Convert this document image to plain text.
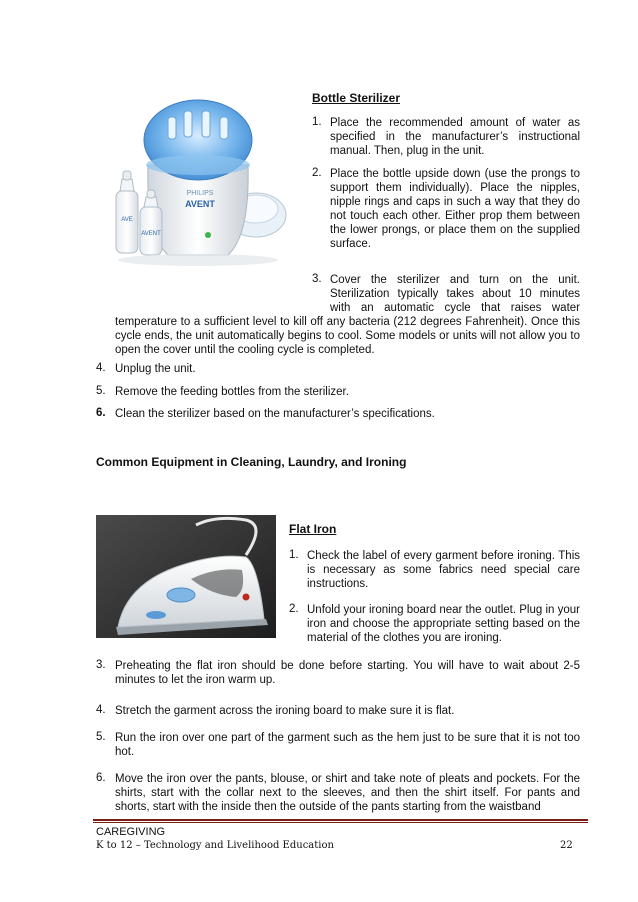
PHILIPS
AVENT
AVE
AVENT
Bottle Sterilizer
1. Place the recommended amount of water as specified in the manufacturer’s instructional manual. Then, plug in the unit.
2. Place the bottle upside down (use the prongs to support them individually). Place the nipples, nipple rings and caps in such a way that they do not touch each other. Either prop them between the lower prongs, or place them on the supplied surface.
3. Cover the sterilizer and turn on the unit.
Sterilization typically takes about 10 minutes
with an automatic cycle that raises water
temperature to a sufficient level to kill off any bacteria (212 degrees Fahrenheit). Once this cycle ends, the unit automatically begins to cool. Some models or units will not allow you to open the cover until the cooling cycle is completed.
4. Unplug the unit.
5. Remove the feeding bottles from the sterilizer.
6. Clean the sterilizer based on the manufacturer’s specifications.
Common Equipment in Cleaning, Laundry, and Ironing
Flat Iron
1. Check the label of every garment before ironing. This is necessary as some fabrics need special care instructions.
2. Unfold your ironing board near the outlet. Plug in your iron and choose the appropriate setting based on the material of the clothes you are ironing.
3. Preheating the flat iron should be done before starting. You will have to wait about 2-5 minutes to let the iron warm up.
4. Stretch the garment across the ironing board to make sure it is flat.
5. Run the iron over one part of the garment such as the hem just to be sure that it is not too hot.
6. Move the iron over the pants, blouse, or shirt and take note of pleats and pockets. For the shirts, start with the collar next to the sleeves, and then the shirt itself. For pants and shorts, start with the inside then the outside of the pants starting from the waistband
CAREGIVING
K to 12 – Technology and Livelihood Education	22
